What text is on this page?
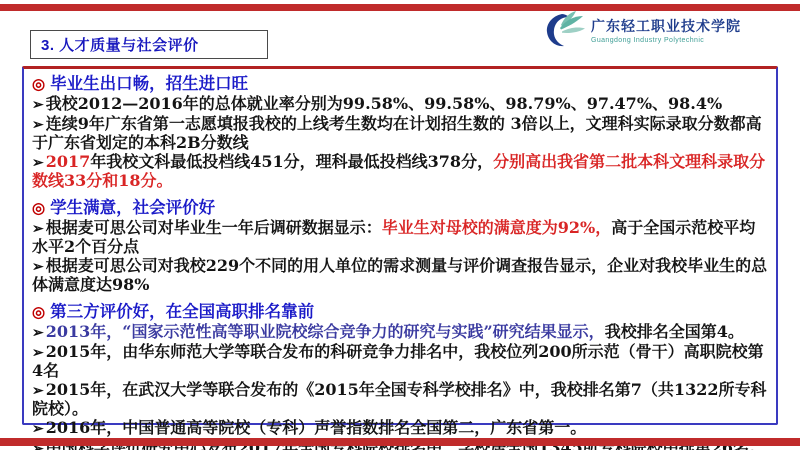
3. 人才质量与社会评价
广东轻工职业技术学院
Guangdong Industry Polytechnic
◎ 毕业生出口畅，招生进口旺
➢ 我校2012—2016年的总体就业率分别为99.58%、99.58%、98.79%、97.47%、98.4%
➢ 连续9年广东省第一志愿填报我校的上线考生数均在计划招生数的 3倍以上，文理科实际录取分数都高于广东省划定的本科2B分数线
➢ 2017年我校文科最低投档线451分，理科最低投档线378分，分别高出我省第二批本科文理科录取分数线33分和18分。
◎ 学生满意，社会评价好
➢ 根据麦可思公司对毕业生一年后调研数据显示：毕业生对母校的满意度为92%，高于全国示范校平均水平2个百分点
➢ 根据麦可思公司对我校229个不同的用人单位的需求测量与评价调查报告显示，企业对我校毕业生的总体满意度达98%
◎ 第三方评价好，在全国高职排名靠前
➢ 2013年，“国家示范性高等职业院校综合竞争力的研究与实践”研究结果显示，我校排名全国第4。
➢ 2015年，由华东师范大学等联合发布的科研竞争力排名中，我校位列200所示范（骨干）高职院校第4名
➢ 2015年，在武汉大学等联合发布的《2015年全国专科学校排名》中，我校排名第7（共1322所专科院校）。
➢ 2016年，中国普通高等院校（专科）声誉指数排名全国第二，广东省第一。
